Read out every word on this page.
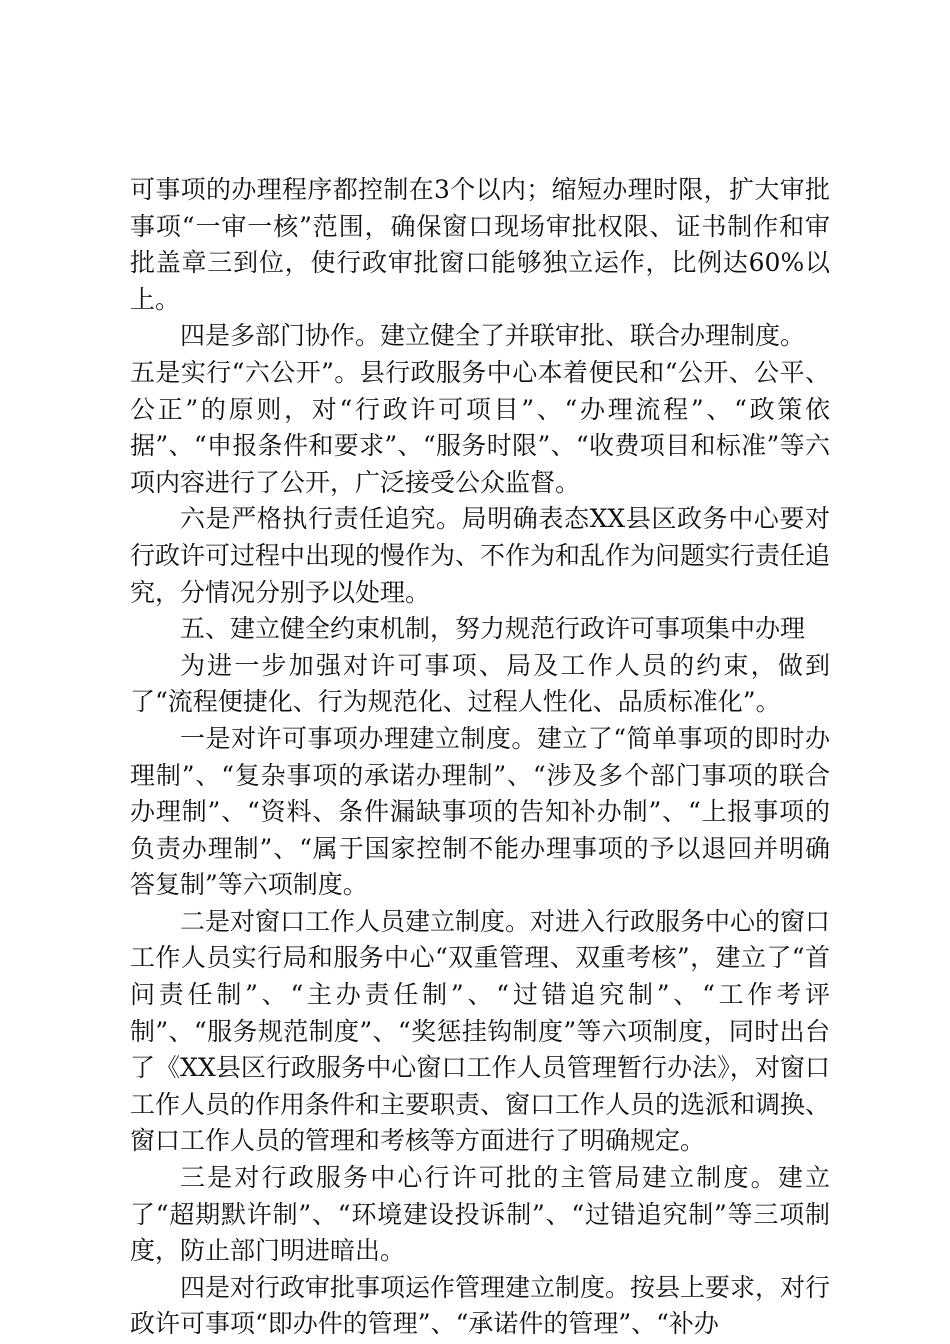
可事项的办理程序都控制在3个以内；缩短办理时限，扩大审批事项“一审一核”范围，确保窗口现场审批权限、证书制作和审批盖章三到位，使行政审批窗口能够独立运作，比例达60%以上。

四是多部门协作。建立健全了并联审批、联合办理制度。

五是实行“六公开”。县行政服务中心本着便民和“公开、公平、公正”的原则，对“行政许可项目”、“办理流程”、“政策依据”、“申报条件和要求”、“服务时限”、“收费项目和标准”等六项内容进行了公开，广泛接受公众监督。

六是严格执行责任追究。局明确表态XX县区政务中心要对行政许可过程中出现的慢作为、不作为和乱作为问题实行责任追究，分情况分别予以处理。

五、建立健全约束机制，努力规范行政许可事项集中办理

为进一步加强对许可事项、局及工作人员的约束，做到了“流程便捷化、行为规范化、过程人性化、品质标准化”。

一是对许可事项办理建立制度。建立了“简单事项的即时办理制”、“复杂事项的承诺办理制”、“涉及多个部门事项的联合办理制”、“资料、条件漏缺事项的告知补办制”、“上报事项的负责办理制”、“属于国家控制不能办理事项的予以退回并明确答复制”等六项制度。

二是对窗口工作人员建立制度。对进入行政服务中心的窗口工作人员实行局和服务中心“双重管理、双重考核”，建立了“首问责任制”、“主办责任制”、“过错追究制”、“工作考评制”、“服务规范制度”、“奖惩挂钩制度”等六项制度，同时出台了《XX县区行政服务中心窗口工作人员管理暂行办法》，对窗口工作人员的作用条件和主要职责、窗口工作人员的选派和调换、窗口工作人员的管理和考核等方面进行了明确规定。

三是对行政服务中心行许可批的主管局建立制度。建立了“超期默许制”、“环境建设投诉制”、“过错追究制”等三项制度，防止部门明进暗出。

四是对行政审批事项运作管理建立制度。按县上要求，对行政许可事项“即办件的管理”、“承诺件的管理”、“补办
